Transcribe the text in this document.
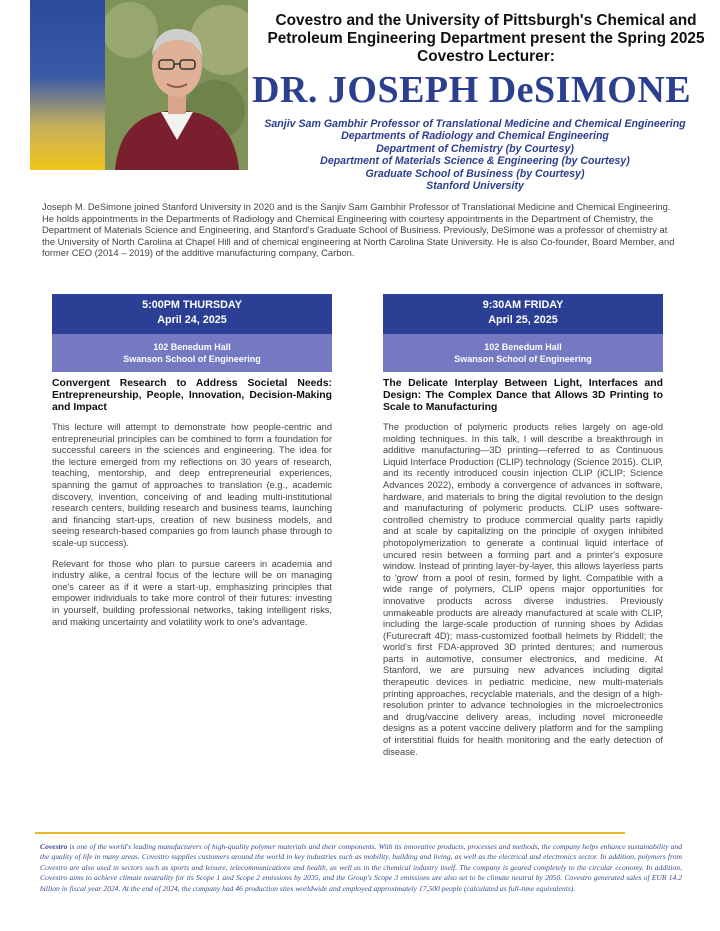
Covestro and the University of Pittsburgh's Chemical and Petroleum Engineering Department present the Spring 2025 Covestro Lecturer:
DR. JOSEPH DeSIMONE
Sanjiv Sam Gambhir Professor of Translational Medicine and Chemical Engineering
Departments of Radiology and Chemical Engineering
Department of Chemistry (by Courtesy)
Department of Materials Science & Engineering (by Courtesy)
Graduate School of Business (by Courtesy)
Stanford University

Joseph M. DeSimone joined Stanford University in 2020 and is the Sanjiv Sam Gambhir Professor of Translational Medicine and Chemical Engineering. He holds appointments in the Departments of Radiology and Chemical Engineering with courtesy appointments in the Department of Chemistry, the Department of Materials Science and Engineering, and Stanford's Graduate School of Business. Previously, DeSimone was a professor of chemistry at the University of North Carolina at Chapel Hill and of chemical engineering at North Carolina State University. He is also Co-founder, Board Member, and former CEO (2014 – 2019) of the additive manufacturing company, Carbon.

5:00PM THURSDAY
April 24, 2025
102 Benedum Hall
Swanson School of Engineering
Convergent Research to Address Societal Needs: Entrepreneurship, People, Innovation, Decision-Making and Impact

This lecture will attempt to demonstrate how people-centric and entrepreneurial principles can be combined to form a foundation for successful careers in the sciences and engineering. The idea for the lecture emerged from my reflections on 30 years of research, teaching, mentorship, and deep entrepreneurial experiences, spanning the gamut of approaches to translation (e.g., academic discovery, invention, conceiving of and leading multi-institutional research centers, building research and business teams, launching and financing start-ups, creation of new business models, and seeing research-based companies go from launch phase through to scale-up success).

Relevant for those who plan to pursue careers in academia and industry alike, a central focus of the lecture will be on managing one's career as if it were a start-up, emphasizing principles that empower individuals to take more control of their futures: investing in yourself, building professional networks, taking intelligent risks, and making uncertainty and volatility work to one's advantage.

9:30AM FRIDAY
April 25, 2025
102 Benedum Hall
Swanson School of Engineering
The Delicate Interplay Between Light, Interfaces and Design: The Complex Dance that Allows 3D Printing to Scale to Manufacturing

The production of polymeric products relies largely on age-old molding techniques. In this talk, I will describe a breakthrough in additive manufacturing—3D printing—referred to as Continuous Liquid Interface Production (CLIP) technology (Science 2015). CLIP, and its recently introduced cousin injection CLIP (iCLIP; Science Advances 2022), embody a convergence of advances in software, hardware, and materials to bring the digital revolution to the design and manufacturing of polymeric products. CLIP uses software-controlled chemistry to produce commercial quality parts rapidly and at scale by capitalizing on the principle of oxygen inhibited photopolymerization to generate a continual liquid interface of uncured resin between a forming part and a printer's exposure window. Instead of printing layer-by-layer, this allows layerless parts to 'grow' from a pool of resin, formed by light. Compatible with a wide range of polymers, CLIP opens major opportunities for innovative products across diverse industries. Previously unmakeable products are already manufactured at scale with CLIP, including the large-scale production of running shoes by Adidas (Futurecraft 4D); mass-customized football helmets by Riddell; the world's first FDA-approved 3D printed dentures; and numerous parts in automotive, consumer electronics, and medicine. At Stanford, we are pursuing new advances including digital therapeutic devices in pediatric medicine, new multi-materials printing approaches, recyclable materials, and the design of a high-resolution printer to advance technologies in the microelectronics and drug/vaccine delivery areas, including novel microneedle designs as a potent vaccine delivery platform and for the sampling of interstitial fluids for health monitoring and the early detection of disease.

Covestro is one of the world's leading manufacturers of high-quality polymer materials and their components. With its innovative products, processes and methods, the company helps enhance sustainability and the quality of life in many areas. Covestro supplies customers around the world in key industries such as mobility, building and living, as well as the electrical and electronics sector. In addition, polymers from Covestro are also used in sectors such as sports and leisure, telecommunications and health, as well as in the chemical industry itself. The company is geared completely to the circular economy. In addition, Covestro aims to achieve climate neutrality for its Scope 1 and Scope 2 emissions by 2035, and the Group's Scope 3 emissions are also set to be climate neutral by 2050. Covestro generated sales of EUR 14.2 billion in fiscal year 2024. At the end of 2024, the company had 46 production sites worldwide and employed approximately 17,500 people (calculated as full-time equivalents).
